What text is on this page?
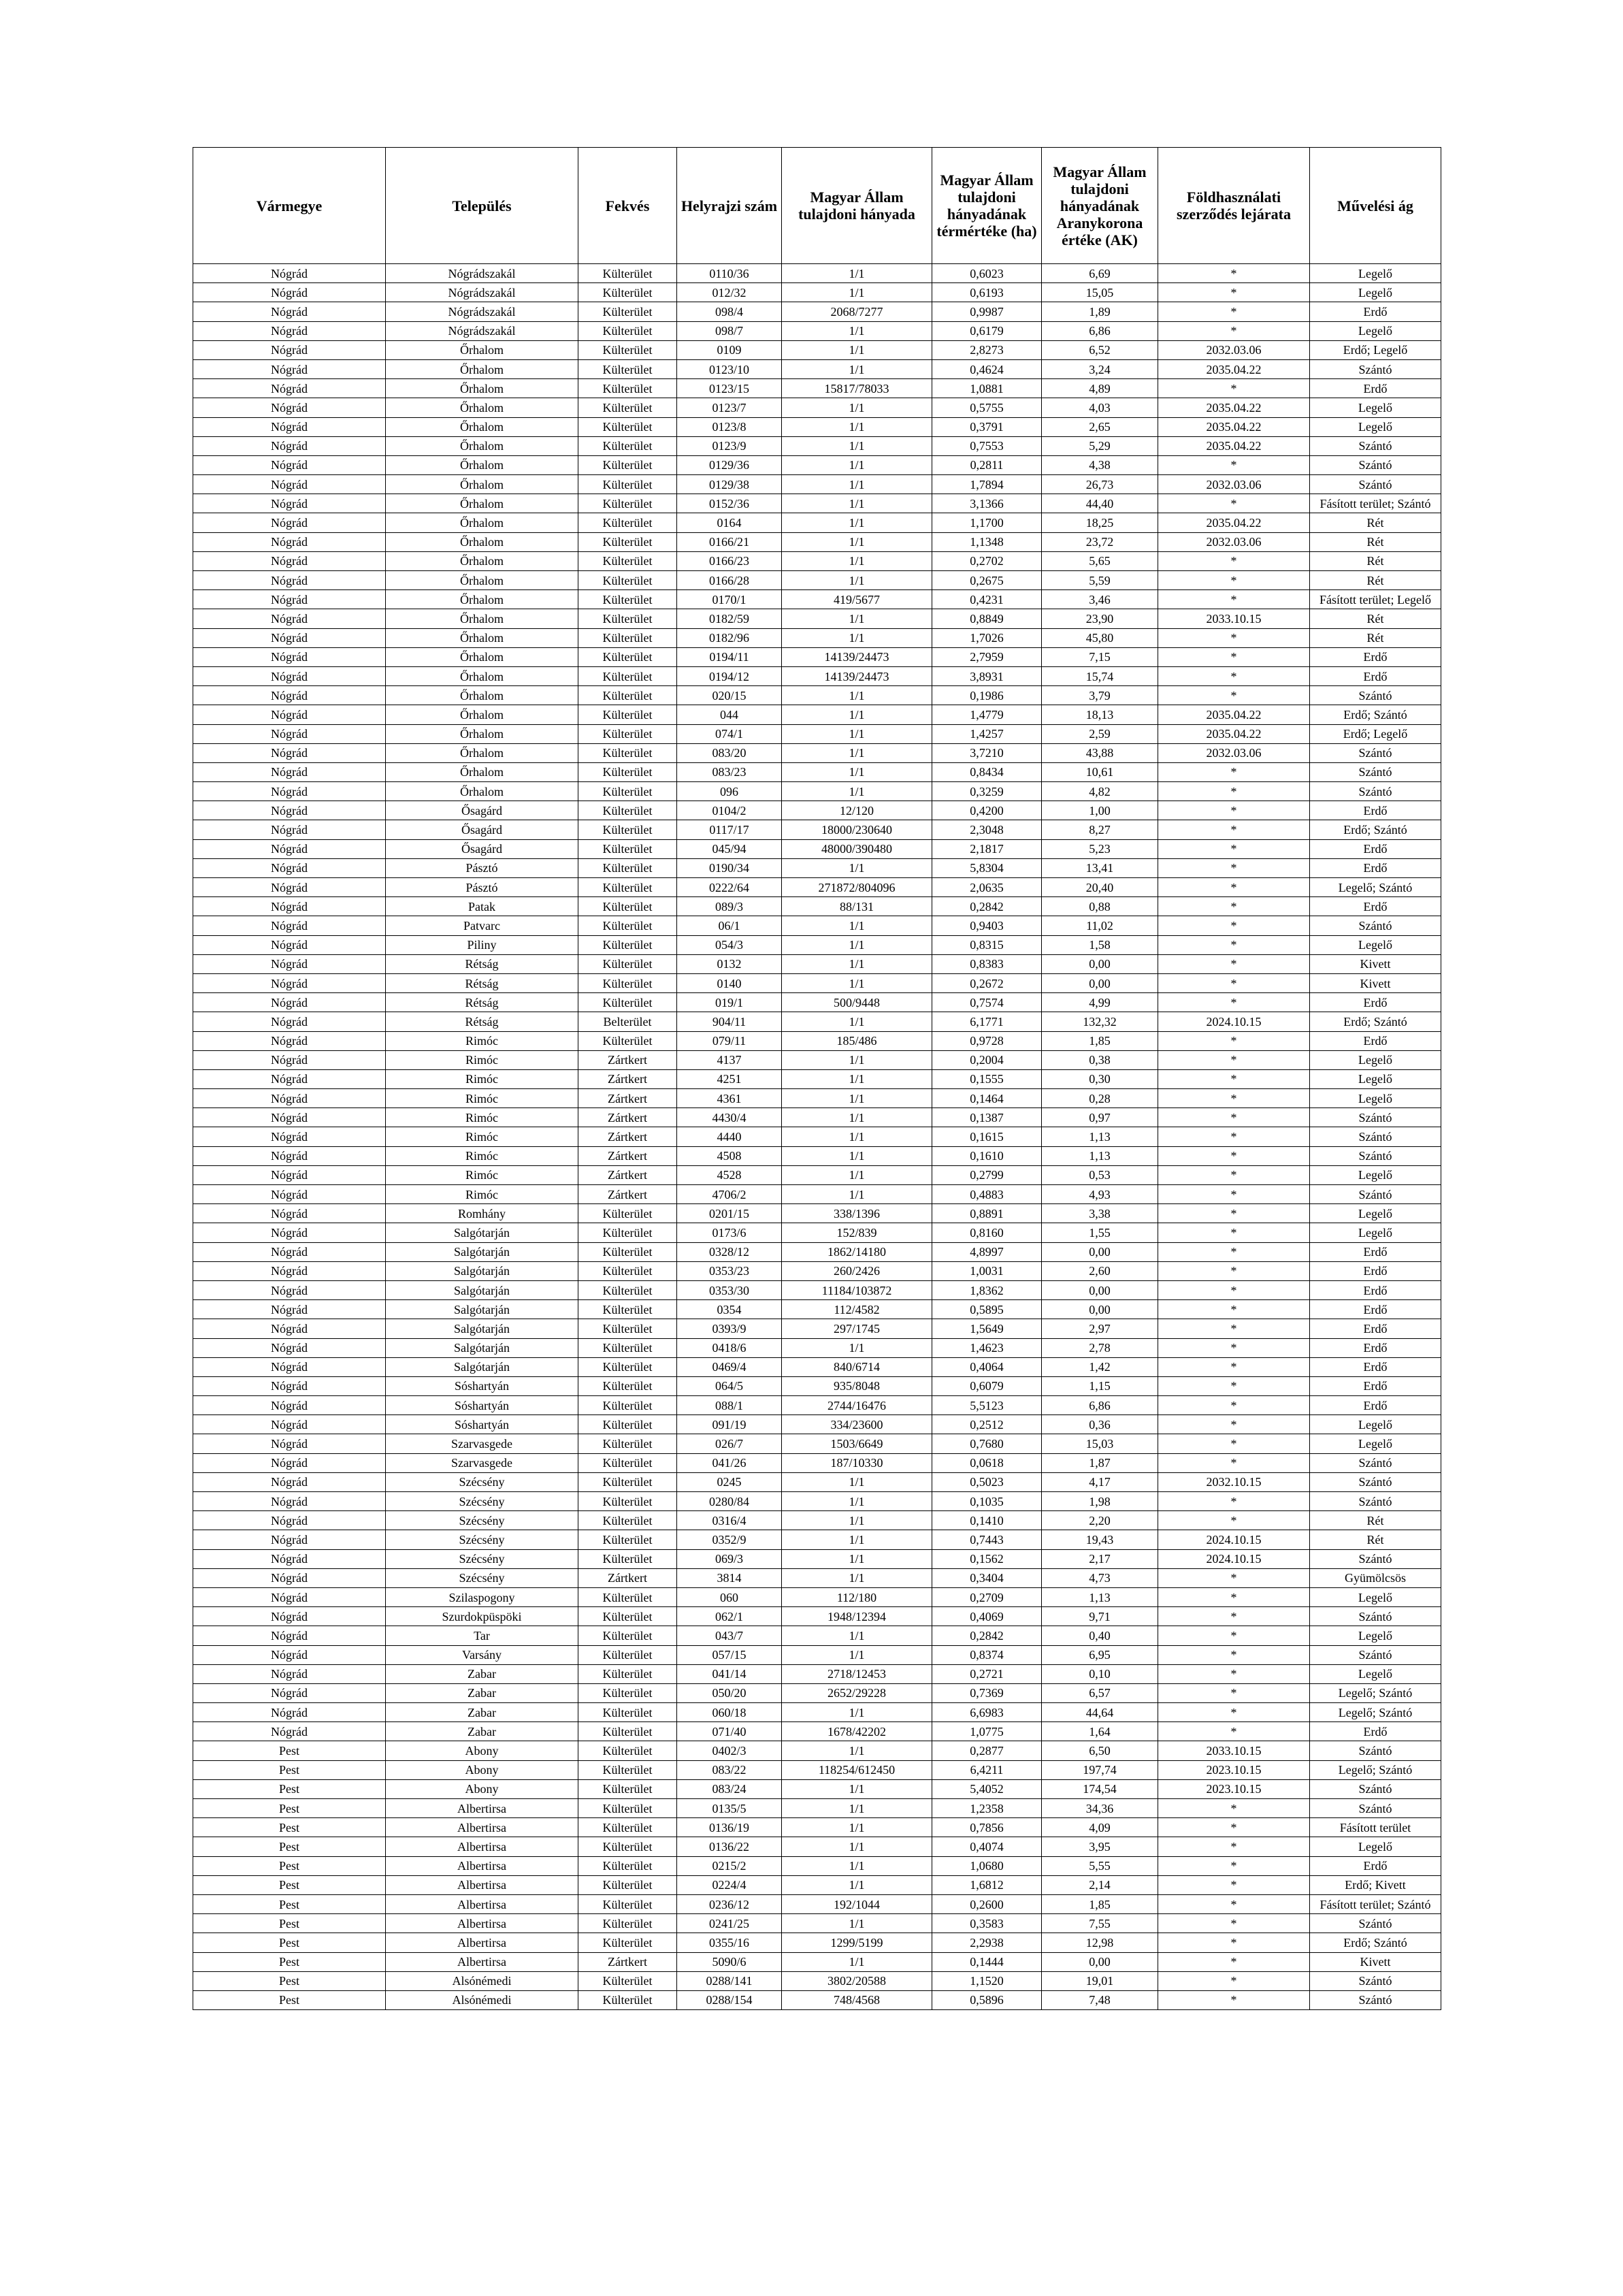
Vármegye	Település	Fekvés	Helyrajzi szám	Magyar Állam tulajdoni hányada	Magyar Állam tulajdoni hányadának térmértéke (ha)	Magyar Állam tulajdoni hányadának Aranykorona értéke (AK)	Földhasználati szerződés lejárata	Művelési ág
Nógrád	Nógrádszakál	Külterület	0110/36	1/1	0,6023	6,69	*	Legelő
Nógrád	Nógrádszakál	Külterület	012/32	1/1	0,6193	15,05	*	Legelő
Nógrád	Nógrádszakál	Külterület	098/4	2068/7277	0,9987	1,89	*	Erdő
Nógrád	Nógrádszakál	Külterület	098/7	1/1	0,6179	6,86	*	Legelő
Nógrád	Őrhalom	Külterület	0109	1/1	2,8273	6,52	2032.03.06	Erdő; Legelő
Nógrád	Őrhalom	Külterület	0123/10	1/1	0,4624	3,24	2035.04.22	Szántó
Nógrád	Őrhalom	Külterület	0123/15	15817/78033	1,0881	4,89	*	Erdő
Nógrád	Őrhalom	Külterület	0123/7	1/1	0,5755	4,03	2035.04.22	Legelő
Nógrád	Őrhalom	Külterület	0123/8	1/1	0,3791	2,65	2035.04.22	Legelő
Nógrád	Őrhalom	Külterület	0123/9	1/1	0,7553	5,29	2035.04.22	Szántó
Nógrád	Őrhalom	Külterület	0129/36	1/1	0,2811	4,38	*	Szántó
Nógrád	Őrhalom	Külterület	0129/38	1/1	1,7894	26,73	2032.03.06	Szántó
Nógrád	Őrhalom	Külterület	0152/36	1/1	3,1366	44,40	*	Fásított terület; Szántó
Nógrád	Őrhalom	Külterület	0164	1/1	1,1700	18,25	2035.04.22	Rét
Nógrád	Őrhalom	Külterület	0166/21	1/1	1,1348	23,72	2032.03.06	Rét
Nógrád	Őrhalom	Külterület	0166/23	1/1	0,2702	5,65	*	Rét
Nógrád	Őrhalom	Külterület	0166/28	1/1	0,2675	5,59	*	Rét
Nógrád	Őrhalom	Külterület	0170/1	419/5677	0,4231	3,46	*	Fásított terület; Legelő
Nógrád	Őrhalom	Külterület	0182/59	1/1	0,8849	23,90	2033.10.15	Rét
Nógrád	Őrhalom	Külterület	0182/96	1/1	1,7026	45,80	*	Rét
Nógrád	Őrhalom	Külterület	0194/11	14139/24473	2,7959	7,15	*	Erdő
Nógrád	Őrhalom	Külterület	0194/12	14139/24473	3,8931	15,74	*	Erdő
Nógrád	Őrhalom	Külterület	020/15	1/1	0,1986	3,79	*	Szántó
Nógrád	Őrhalom	Külterület	044	1/1	1,4779	18,13	2035.04.22	Erdő; Szántó
Nógrád	Őrhalom	Külterület	074/1	1/1	1,4257	2,59	2035.04.22	Erdő; Legelő
Nógrád	Őrhalom	Külterület	083/20	1/1	3,7210	43,88	2032.03.06	Szántó
Nógrád	Őrhalom	Külterület	083/23	1/1	0,8434	10,61	*	Szántó
Nógrád	Őrhalom	Külterület	096	1/1	0,3259	4,82	*	Szántó
Nógrád	Ősagárd	Külterület	0104/2	12/120	0,4200	1,00	*	Erdő
Nógrád	Ősagárd	Külterület	0117/17	18000/230640	2,3048	8,27	*	Erdő; Szántó
Nógrád	Ősagárd	Külterület	045/94	48000/390480	2,1817	5,23	*	Erdő
Nógrád	Pásztó	Külterület	0190/34	1/1	5,8304	13,41	*	Erdő
Nógrád	Pásztó	Külterület	0222/64	271872/804096	2,0635	20,40	*	Legelő; Szántó
Nógrád	Patak	Külterület	089/3	88/131	0,2842	0,88	*	Erdő
Nógrád	Patvarc	Külterület	06/1	1/1	0,9403	11,02	*	Szántó
Nógrád	Piliny	Külterület	054/3	1/1	0,8315	1,58	*	Legelő
Nógrád	Rétság	Külterület	0132	1/1	0,8383	0,00	*	Kivett
Nógrád	Rétság	Külterület	0140	1/1	0,2672	0,00	*	Kivett
Nógrád	Rétság	Külterület	019/1	500/9448	0,7574	4,99	*	Erdő
Nógrád	Rétság	Belterület	904/11	1/1	6,1771	132,32	2024.10.15	Erdő; Szántó
Nógrád	Rimóc	Külterület	079/11	185/486	0,9728	1,85	*	Erdő
Nógrád	Rimóc	Zártkert	4137	1/1	0,2004	0,38	*	Legelő
Nógrád	Rimóc	Zártkert	4251	1/1	0,1555	0,30	*	Legelő
Nógrád	Rimóc	Zártkert	4361	1/1	0,1464	0,28	*	Legelő
Nógrád	Rimóc	Zártkert	4430/4	1/1	0,1387	0,97	*	Szántó
Nógrád	Rimóc	Zártkert	4440	1/1	0,1615	1,13	*	Szántó
Nógrád	Rimóc	Zártkert	4508	1/1	0,1610	1,13	*	Szántó
Nógrád	Rimóc	Zártkert	4528	1/1	0,2799	0,53	*	Legelő
Nógrád	Rimóc	Zártkert	4706/2	1/1	0,4883	4,93	*	Szántó
Nógrád	Romhány	Külterület	0201/15	338/1396	0,8891	3,38	*	Legelő
Nógrád	Salgótarján	Külterület	0173/6	152/839	0,8160	1,55	*	Legelő
Nógrád	Salgótarján	Külterület	0328/12	1862/14180	4,8997	0,00	*	Erdő
Nógrád	Salgótarján	Külterület	0353/23	260/2426	1,0031	2,60	*	Erdő
Nógrád	Salgótarján	Külterület	0353/30	11184/103872	1,8362	0,00	*	Erdő
Nógrád	Salgótarján	Külterület	0354	112/4582	0,5895	0,00	*	Erdő
Nógrád	Salgótarján	Külterület	0393/9	297/1745	1,5649	2,97	*	Erdő
Nógrád	Salgótarján	Külterület	0418/6	1/1	1,4623	2,78	*	Erdő
Nógrád	Salgótarján	Külterület	0469/4	840/6714	0,4064	1,42	*	Erdő
Nógrád	Sóshartyán	Külterület	064/5	935/8048	0,6079	1,15	*	Erdő
Nógrád	Sóshartyán	Külterület	088/1	2744/16476	5,5123	6,86	*	Erdő
Nógrád	Sóshartyán	Külterület	091/19	334/23600	0,2512	0,36	*	Legelő
Nógrád	Szarvasgede	Külterület	026/7	1503/6649	0,7680	15,03	*	Legelő
Nógrád	Szarvasgede	Külterület	041/26	187/10330	0,0618	1,87	*	Szántó
Nógrád	Szécsény	Külterület	0245	1/1	0,5023	4,17	2032.10.15	Szántó
Nógrád	Szécsény	Külterület	0280/84	1/1	0,1035	1,98	*	Szántó
Nógrád	Szécsény	Külterület	0316/4	1/1	0,1410	2,20	*	Rét
Nógrád	Szécsény	Külterület	0352/9	1/1	0,7443	19,43	2024.10.15	Rét
Nógrád	Szécsény	Külterület	069/3	1/1	0,1562	2,17	2024.10.15	Szántó
Nógrád	Szécsény	Zártkert	3814	1/1	0,3404	4,73	*	Gyümölcsös
Nógrád	Szilaspogony	Külterület	060	112/180	0,2709	1,13	*	Legelő
Nógrád	Szurdokpüspöki	Külterület	062/1	1948/12394	0,4069	9,71	*	Szántó
Nógrád	Tar	Külterület	043/7	1/1	0,2842	0,40	*	Legelő
Nógrád	Varsány	Külterület	057/15	1/1	0,8374	6,95	*	Szántó
Nógrád	Zabar	Külterület	041/14	2718/12453	0,2721	0,10	*	Legelő
Nógrád	Zabar	Külterület	050/20	2652/29228	0,7369	6,57	*	Legelő; Szántó
Nógrád	Zabar	Külterület	060/18	1/1	6,6983	44,64	*	Legelő; Szántó
Nógrád	Zabar	Külterület	071/40	1678/42202	1,0775	1,64	*	Erdő
Pest	Abony	Külterület	0402/3	1/1	0,2877	6,50	2033.10.15	Szántó
Pest	Abony	Külterület	083/22	118254/612450	6,4211	197,74	2023.10.15	Legelő; Szántó
Pest	Abony	Külterület	083/24	1/1	5,4052	174,54	2023.10.15	Szántó
Pest	Albertirsa	Külterület	0135/5	1/1	1,2358	34,36	*	Szántó
Pest	Albertirsa	Külterület	0136/19	1/1	0,7856	4,09	*	Fásított terület
Pest	Albertirsa	Külterület	0136/22	1/1	0,4074	3,95	*	Legelő
Pest	Albertirsa	Külterület	0215/2	1/1	1,0680	5,55	*	Erdő
Pest	Albertirsa	Külterület	0224/4	1/1	1,6812	2,14	*	Erdő; Kivett
Pest	Albertirsa	Külterület	0236/12	192/1044	0,2600	1,85	*	Fásított terület; Szántó
Pest	Albertirsa	Külterület	0241/25	1/1	0,3583	7,55	*	Szántó
Pest	Albertirsa	Külterület	0355/16	1299/5199	2,2938	12,98	*	Erdő; Szántó
Pest	Albertirsa	Zártkert	5090/6	1/1	0,1444	0,00	*	Kivett
Pest	Alsónémedi	Külterület	0288/141	3802/20588	1,1520	19,01	*	Szántó
Pest	Alsónémedi	Külterület	0288/154	748/4568	0,5896	7,48	*	Szántó
